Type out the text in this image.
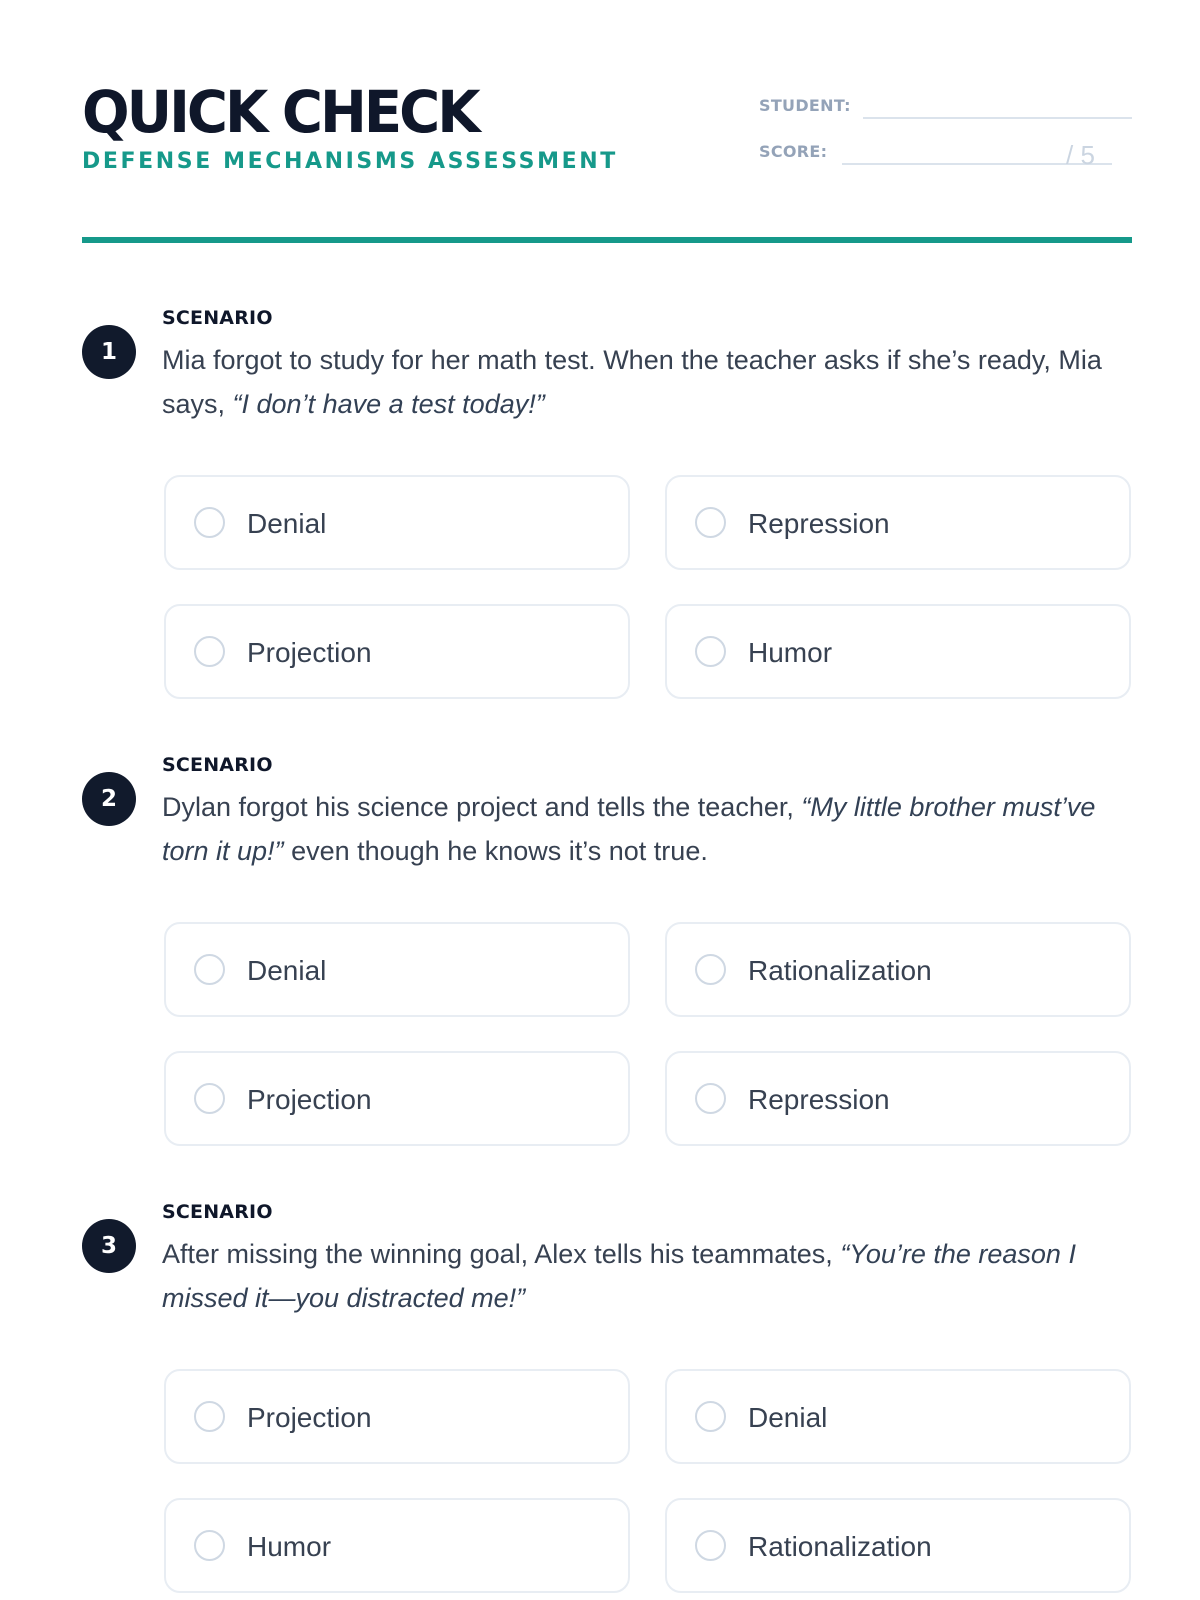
QUICK CHECK
DEFENSE MECHANISMS ASSESSMENT
STUDENT:
SCORE:	/ 5
1
SCENARIO

Mia forgot to study for her math test. When the teacher asks if she’s ready, Mia says, “I don’t have a test today!”

Denial	Repression
Projection	Humor
2
SCENARIO

Dylan forgot his science project and tells the teacher, “My little brother must’ve torn it up!” even though he knows it’s not true.

Denial	Rationalization
Projection	Repression
3
SCENARIO

After missing the winning goal, Alex tells his teammates, “You’re the reason I missed it—you distracted me!”

Projection	Denial
Humor	Rationalization
